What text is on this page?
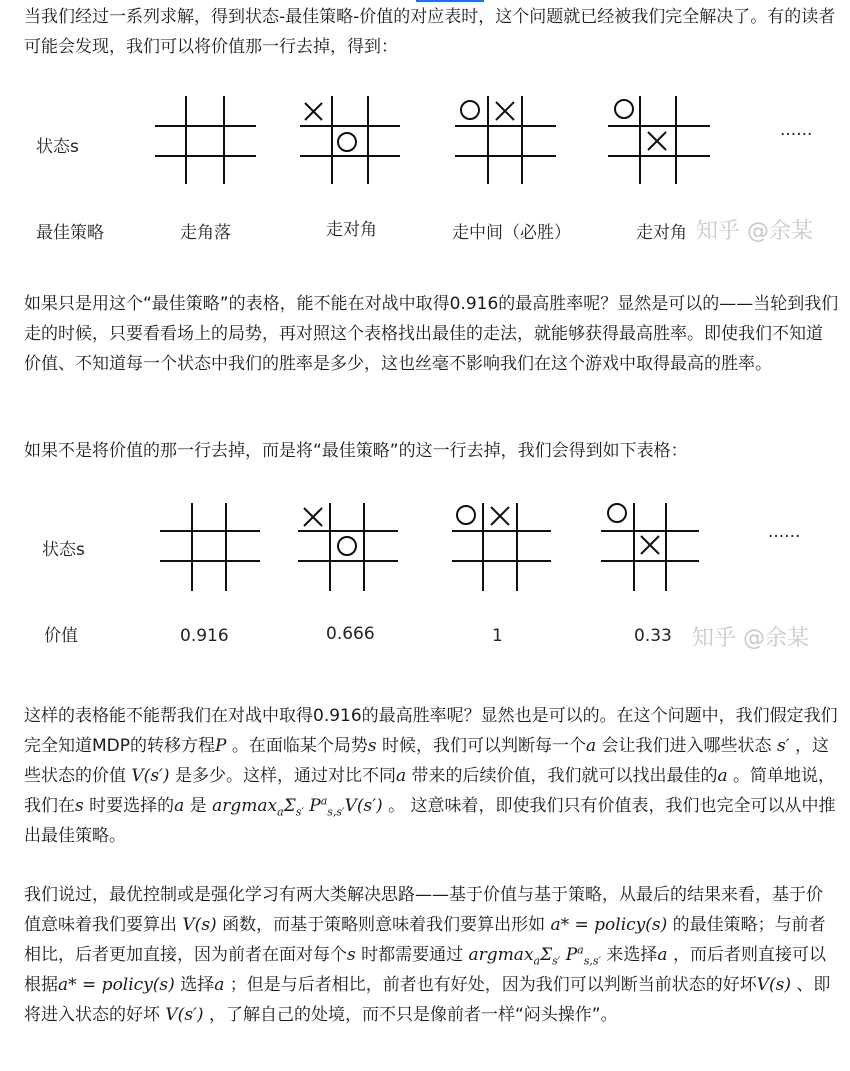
当我们经过一系列求解，得到状态-最佳策略-价值的对应表时，这个问题就已经被我们完全解决了。有的读者可能会发现，我们可以将价值那一行去掉，得到：

状态s
······
最佳策略	走角落	走对角	走中间（必胜）	走对角 知乎 @余某

如果只是用这个“最佳策略”的表格，能不能在对战中取得0.916的最高胜率呢？显然是可以的——当轮到我们走的时候，只要看看场上的局势，再对照这个表格找出最佳的走法，就能够获得最高胜率。即使我们不知道价值、不知道每一个状态中我们的胜率是多少，这也丝毫不影响我们在这个游戏中取得最高的胜率。

如果不是将价值的那一行去掉，而是将“最佳策略”的这一行去掉，我们会得到如下表格：

状态s
······
价值	0.916	0.666	1	0.33 知乎 @余某

这样的表格能不能帮我们在对战中取得0.916的最高胜率呢？显然也是可以的。在这个问题中，我们假定我们完全知道MDP的转移方程P 。在面临某个局势s 时候，我们可以判断每一个a 会让我们进入哪些状态 s′ ，这些状态的价值 V(s′) 是多少。这样，通过对比不同a 带来的后续价值，我们就可以找出最佳的a 。简单地说，我们在s 时要选择的a 是 $argmax_a\Sigma_{s'}$ $P^a_{s,s'}V(s')$ 。 这意味着，即使我们只有价值表，我们也完全可以从中推出最佳策略。

我们说过，最优控制或是强化学习有两大类解决思路——基于价值与基于策略，从最后的结果来看，基于价值意味着我们要算出 V(s) 函数，而基于策略则意味着我们要算出形如 a* = policy(s) 的最佳策略；与前者相比，后者更加直接，因为前者在面对每个s 时都需要通过 $argmax_a\Sigma_{s'}$ $P^a_{s,s'}$ 来选择a ，而后者则直接可以根据a* = policy(s) 选择a ；但是与后者相比，前者也有好处，因为我们可以判断当前状态的好坏V(s) 、即将进入状态的好坏 V(s′) ，了解自己的处境，而不只是像前者一样“闷头操作”。
